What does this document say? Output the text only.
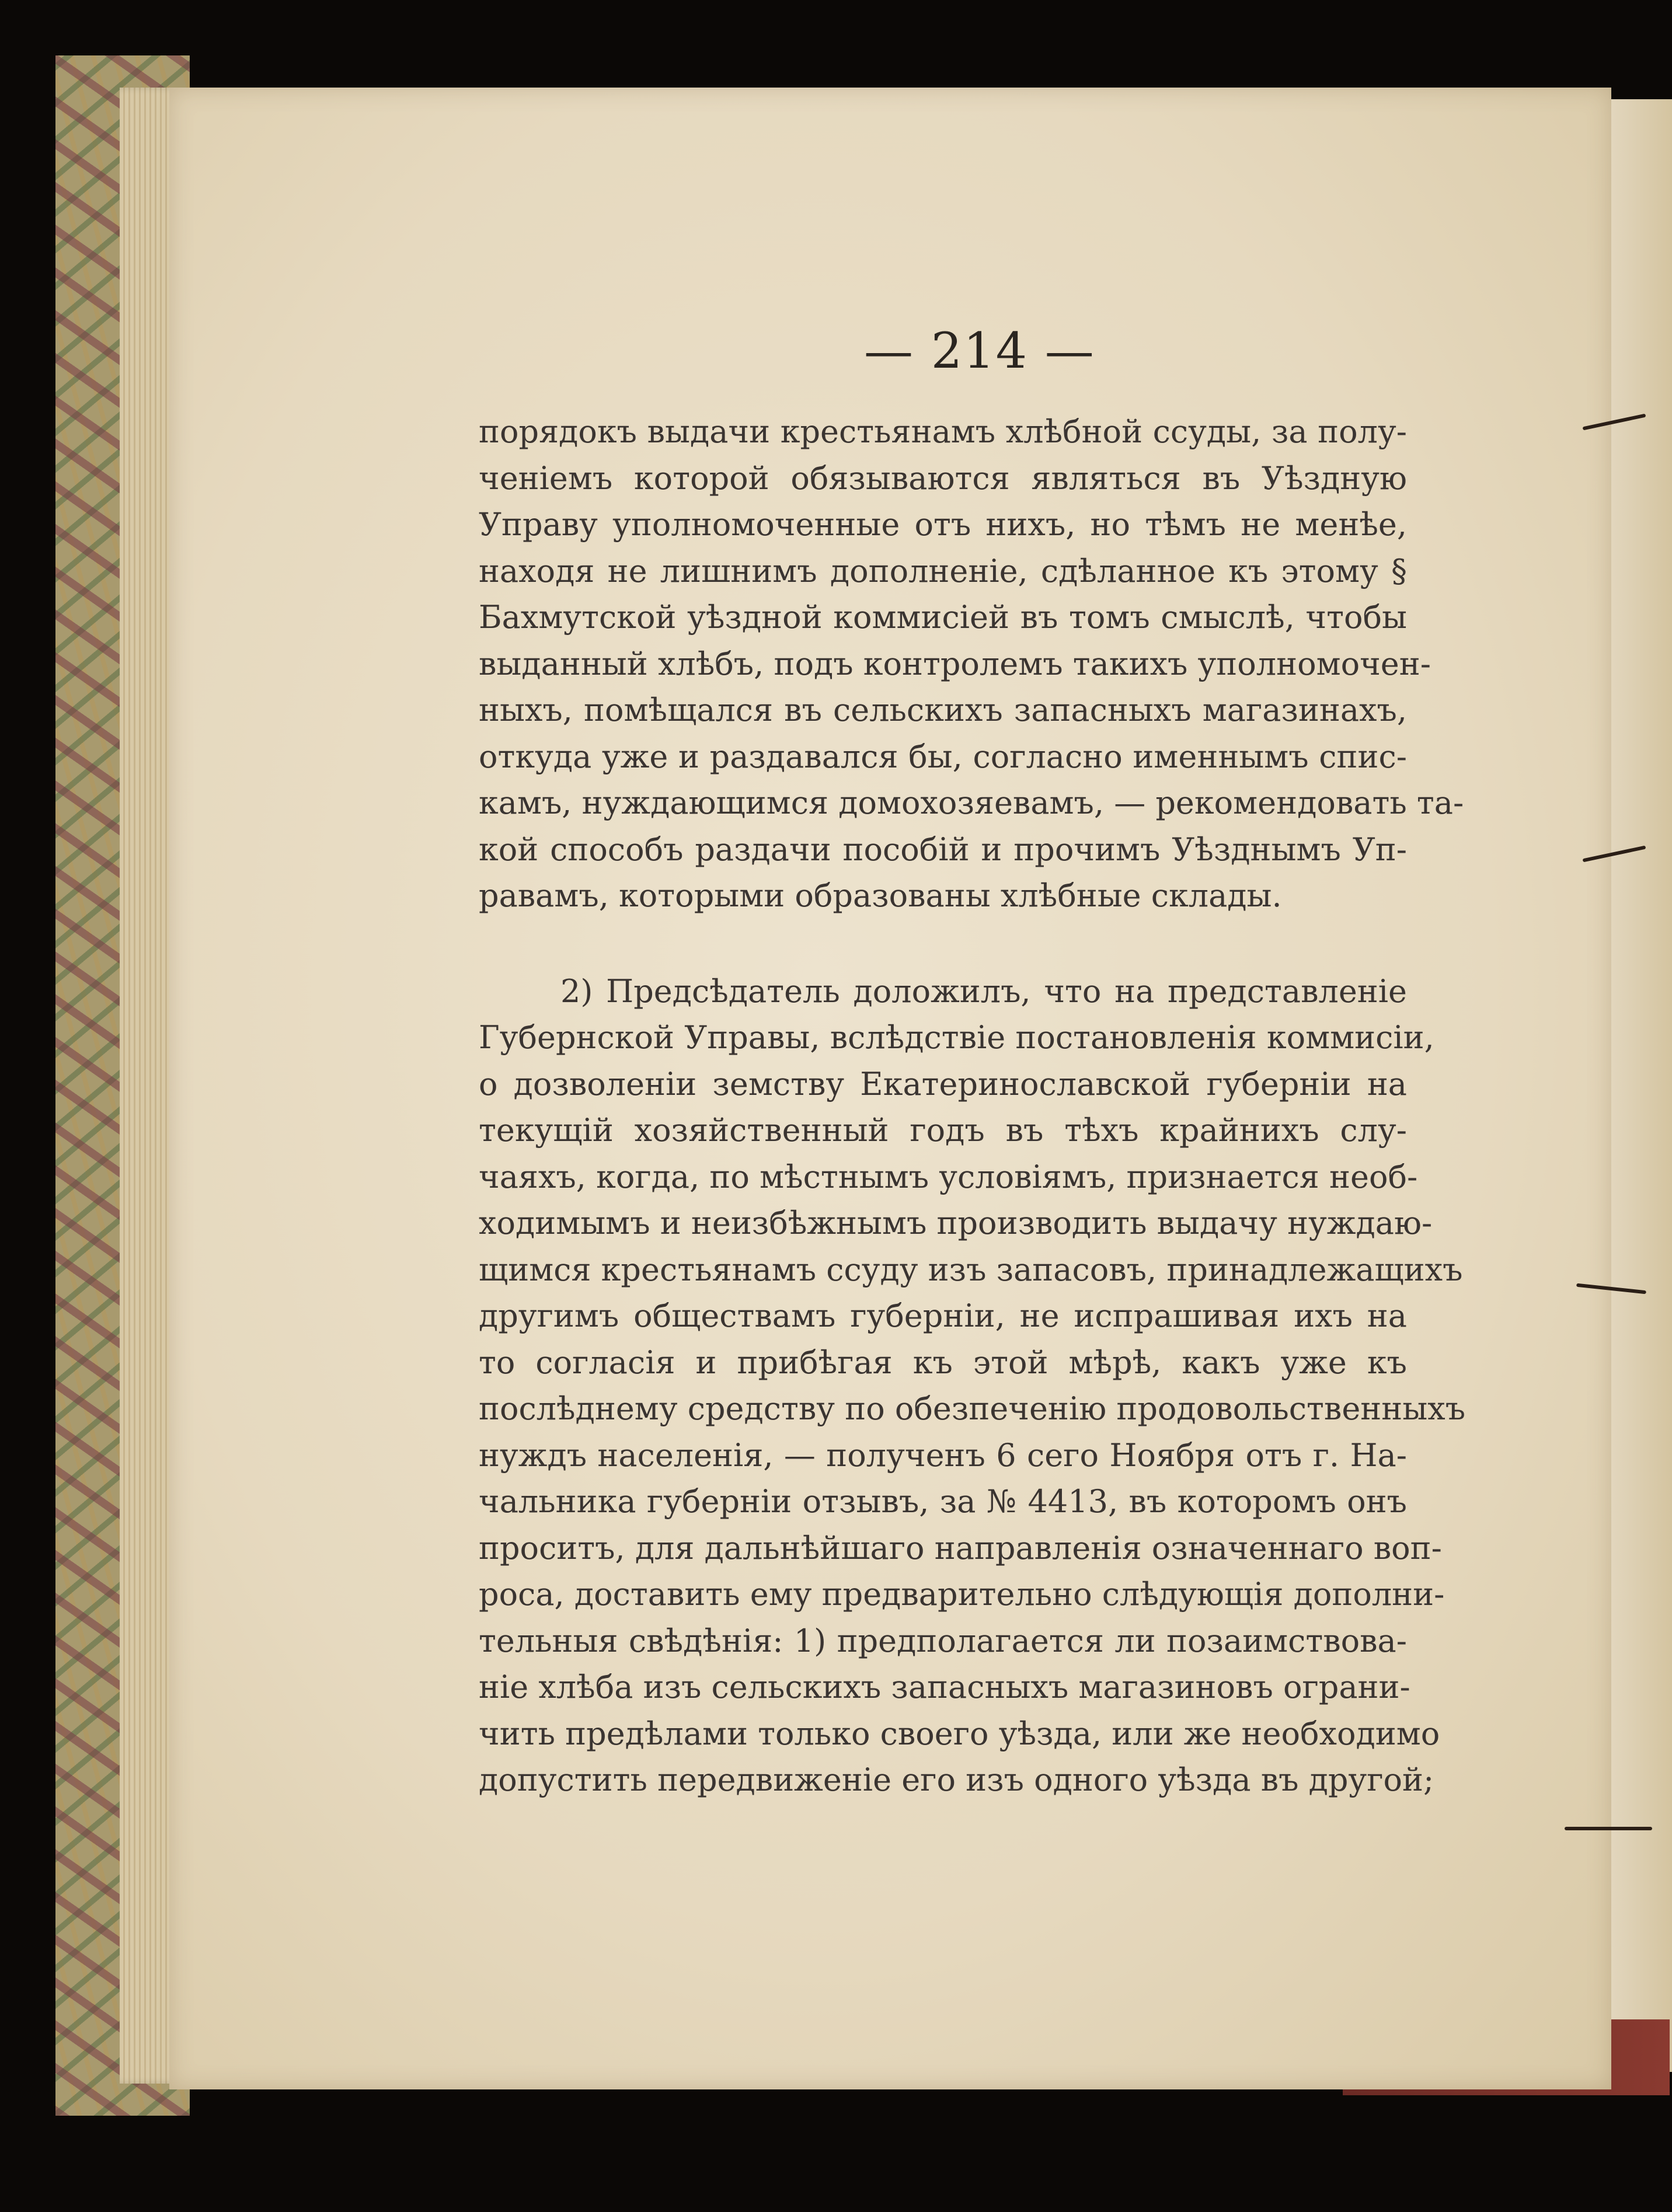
— 214 —
порядокъ выдачи крестьянамъ хлѣбной ссуды, за полу-
ченіемъ которой обязываются являться въ Уѣздную
Управу уполномоченные отъ нихъ, но тѣмъ не менѣе,
находя не лишнимъ дополненіе, сдѣланное къ этому §
Бахмутской уѣздной коммисіей въ томъ смыслѣ, чтобы
выданный хлѣбъ, подъ контролемъ такихъ уполномочен-
ныхъ, помѣщался въ сельскихъ запасныхъ магазинахъ,
откуда уже и раздавался бы, согласно именнымъ спис-
камъ, нуждающимся домохозяевамъ, — рекомендовать та-
кой способъ раздачи пособій и прочимъ Уѣзднымъ Уп-
равамъ, которыми образованы хлѣбные склады.
2) Предсѣдатель доложилъ, что на представленіе
Губернской Управы, вслѣдствіе постановленія коммисіи,
о дозволеніи земству Екатеринославской губерніи на
текущій хозяйственный годъ въ тѣхъ крайнихъ слу-
чаяхъ, когда, по мѣстнымъ условіямъ, признается необ-
ходимымъ и неизбѣжнымъ производить выдачу нуждаю-
щимся крестьянамъ ссуду изъ запасовъ, принадлежащихъ
другимъ обществамъ губерніи, не испрашивая ихъ на
то согласія и прибѣгая къ этой мѣрѣ, какъ уже къ
послѣднему средству по обезпеченію продовольственныхъ
нуждъ населенія, — полученъ 6 сего Ноября отъ г. На-
чальника губерніи отзывъ, за № 4413, въ которомъ онъ
проситъ, для дальнѣйшаго направленія означеннаго воп-
роса, доставить ему предварительно слѣдующія дополни-
тельныя свѣдѣнія: 1) предполагается ли позаимствова-
ніе хлѣба изъ сельскихъ запасныхъ магазиновъ ограни-
чить предѣлами только своего уѣзда, или же необходимо
допустить передвиженіе его изъ одного уѣзда въ другой;
